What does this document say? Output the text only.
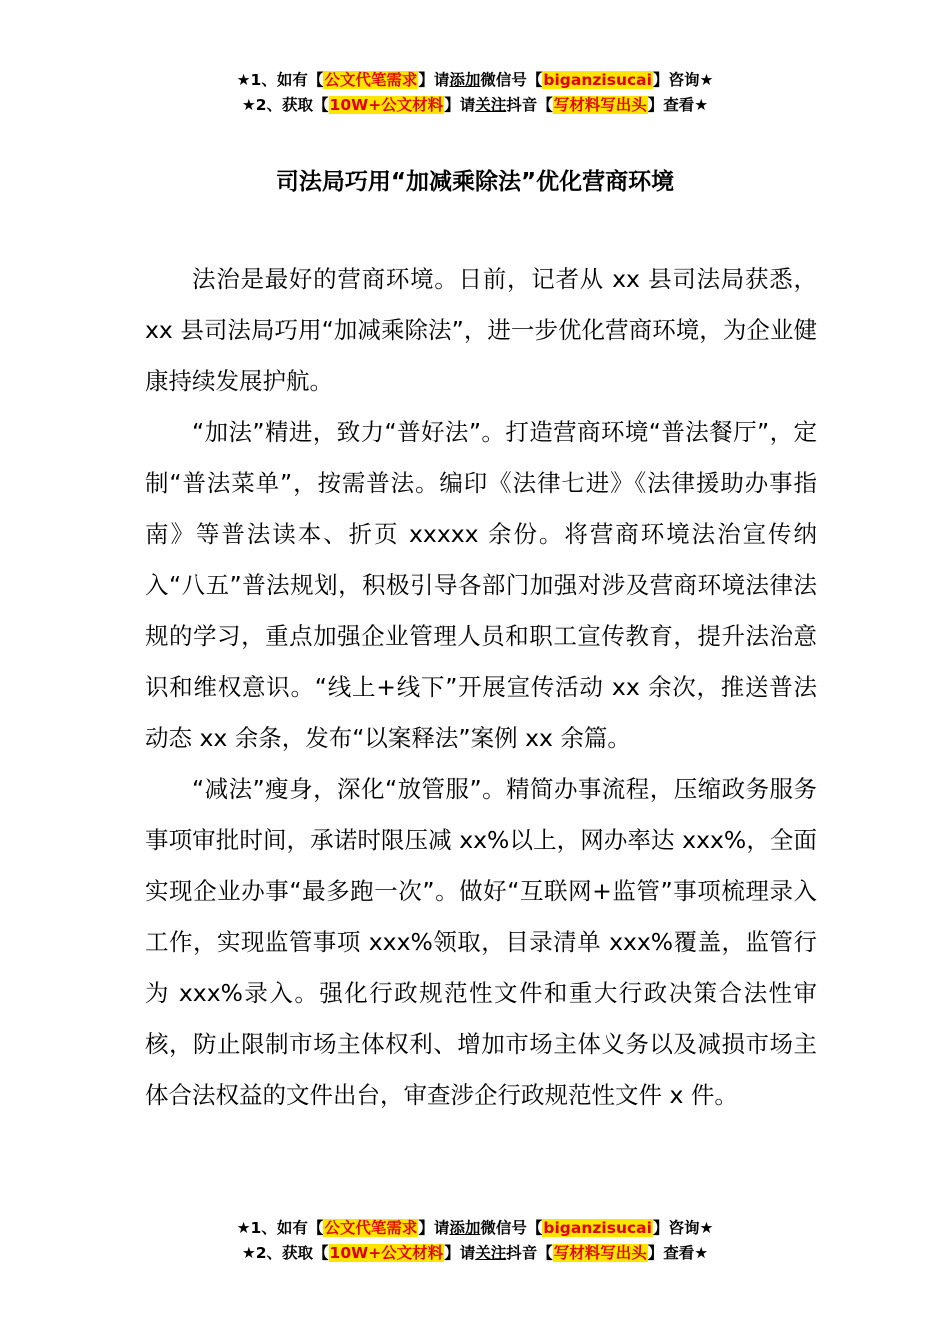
★1、如有【公文代笔需求】请添加微信号【biganzisucai】咨询★
★2、获取【10W+公文材料】请关注抖音【写材料写出头】查看★
司法局巧用“加减乘除法”优化营商环境

法治是最好的营商环境。日前，记者从 xx 县司法局获悉，xx 县司法局巧用“加减乘除法”，进一步优化营商环境，为企业健康持续发展护航。

“加法”精进，致力“普好法”。打造营商环境“普法餐厅”，定制“普法菜单”，按需普法。编印《法律七进》《法律援助办事指南》等普法读本、折页 xxxxx 余份。将营商环境法治宣传纳入“八五”普法规划，积极引导各部门加强对涉及营商环境法律法规的学习，重点加强企业管理人员和职工宣传教育，提升法治意识和维权意识。“线上+线下”开展宣传活动 xx 余次，推送普法动态 xx 余条，发布“以案释法”案例 xx 余篇。

“减法”瘦身，深化“放管服”。精简办事流程，压缩政务服务事项审批时间，承诺时限压减 xx%以上，网办率达 xxx%，全面实现企业办事“最多跑一次”。做好“互联网+监管”事项梳理录入工作，实现监管事项 xxx%领取，目录清单 xxx%覆盖，监管行为 xxx%录入。强化行政规范性文件和重大行政决策合法性审核，防止限制市场主体权利、增加市场主体义务以及减损市场主体合法权益的文件出台，审查涉企行政规范性文件 x 件。

★1、如有【公文代笔需求】请添加微信号【biganzisucai】咨询★
★2、获取【10W+公文材料】请关注抖音【写材料写出头】查看★
